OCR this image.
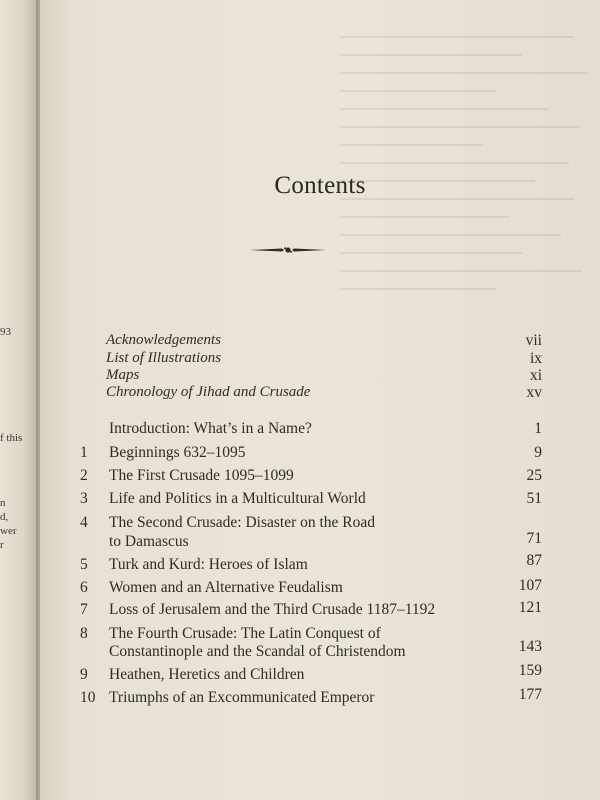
93
f this
n
d,
wer
r
Contents
Acknowledgements	vii
List of Illustrations	ix
Maps	xi
Chronology of Jihad and Crusade	xv
Introduction: What’s in a Name?	1
1	Beginnings 632–1095	9
2	The First Crusade 1095–1099	25
3	Life and Politics in a Multicultural World	51
4	The Second Crusade: Disaster on the Road
to Damascus	71
5	Turk and Kurd: Heroes of Islam	87
6	Women and an Alternative Feudalism	107
7	Loss of Jerusalem and the Third Crusade 1187–1192	121
8	The Fourth Crusade: The Latin Conquest of
Constantinople and the Scandal of Christendom	143
9	Heathen, Heretics and Children	159
10 Triumphs of an Excommunicated Emperor	177
